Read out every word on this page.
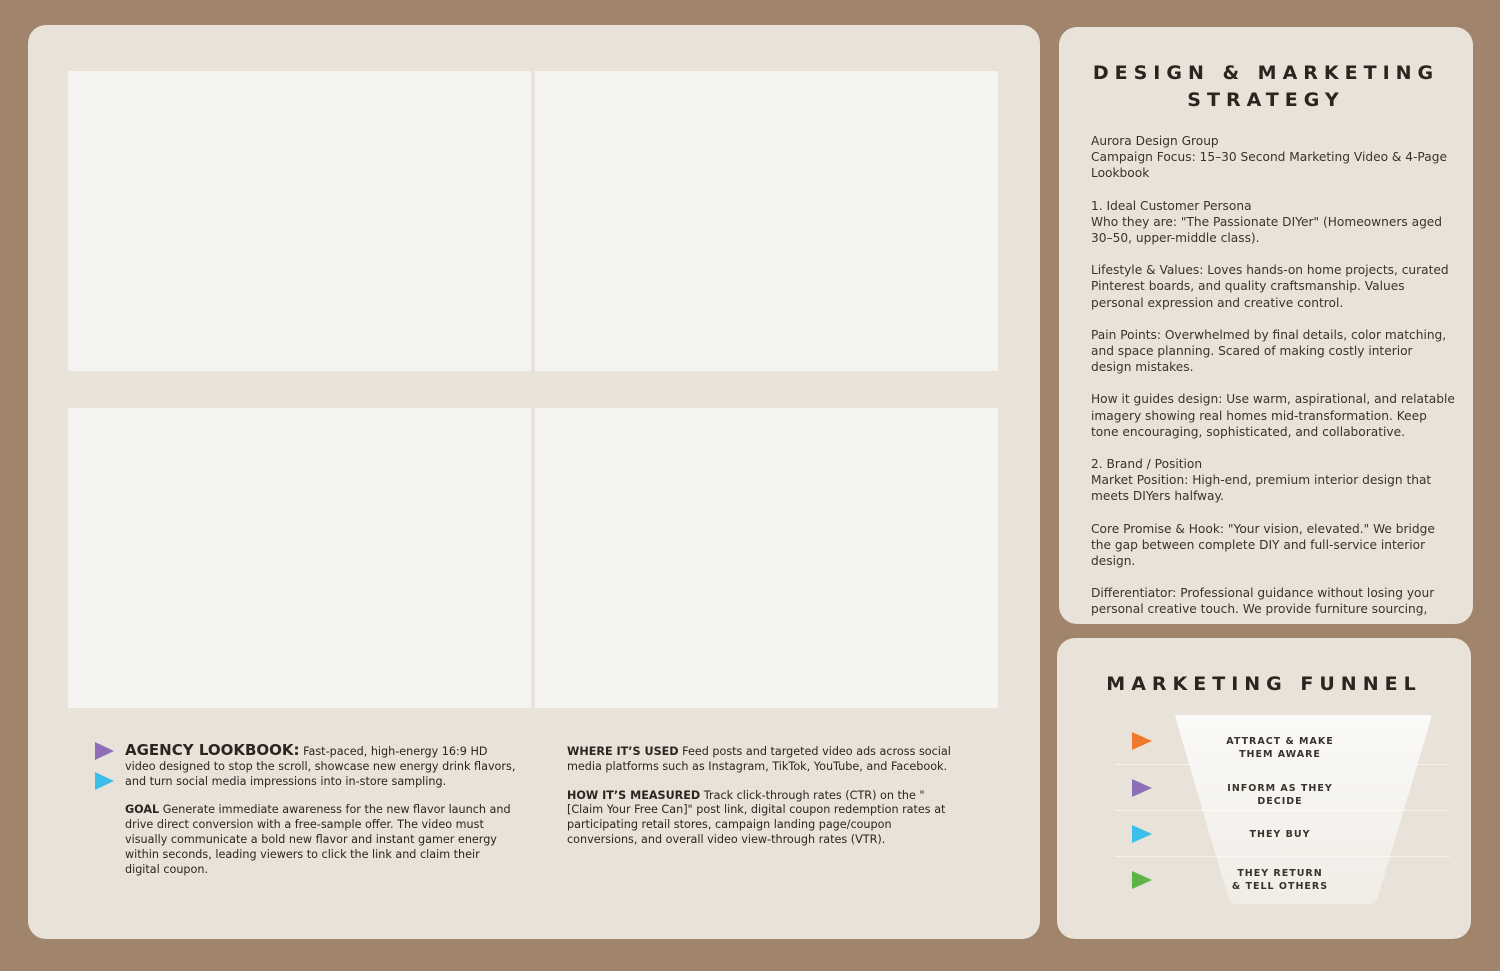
AGENCY LOOKBOOK: Fast-paced, high-energy 16:9 HD video designed to stop the scroll, showcase new energy drink flavors, and turn social media impressions into in-store sampling.
GOAL Generate immediate awareness for the new flavor launch and drive direct conversion with a free-sample offer. The video must visually communicate a bold new flavor and instant gamer energy within seconds, leading viewers to click the link and claim their digital coupon.
WHERE IT’S USED Feed posts and targeted video ads across social media platforms such as Instagram, TikTok, YouTube, and Facebook.
HOW IT’S MEASURED Track click-through rates (CTR) on the "[Claim Your Free Can]" post link, digital coupon redemption rates at participating retail stores, campaign landing page/coupon conversions, and overall video view-through rates (VTR).
DESIGN & MARKETING STRATEGY

Aurora Design Group
Campaign Focus: 15–30 Second Marketing Video & 4-Page Lookbook

1. Ideal Customer Persona
Who they are: "The Passionate DIYer" (Homeowners aged 30–50, upper-middle class).

Lifestyle & Values: Loves hands-on home projects, curated Pinterest boards, and quality craftsmanship. Values personal expression and creative control.

Pain Points: Overwhelmed by final details, color matching, and space planning. Scared of making costly interior design mistakes.

How it guides design: Use warm, aspirational, and relatable imagery showing real homes mid-transformation. Keep tone encouraging, sophisticated, and collaborative.

2. Brand / Position
Market Position: High-end, premium interior design that meets DIYers halfway.

Core Promise & Hook: "Your vision, elevated." We bridge the gap between complete DIY and full-service interior design.

Differentiator: Professional guidance without losing your personal creative touch. We provide furniture sourcing,

MARKETING FUNNEL
ATTRACT & MAKE THEM AWARE
INFORM AS THEY DECIDE
THEY BUY
THEY RETURN
& TELL OTHERS
